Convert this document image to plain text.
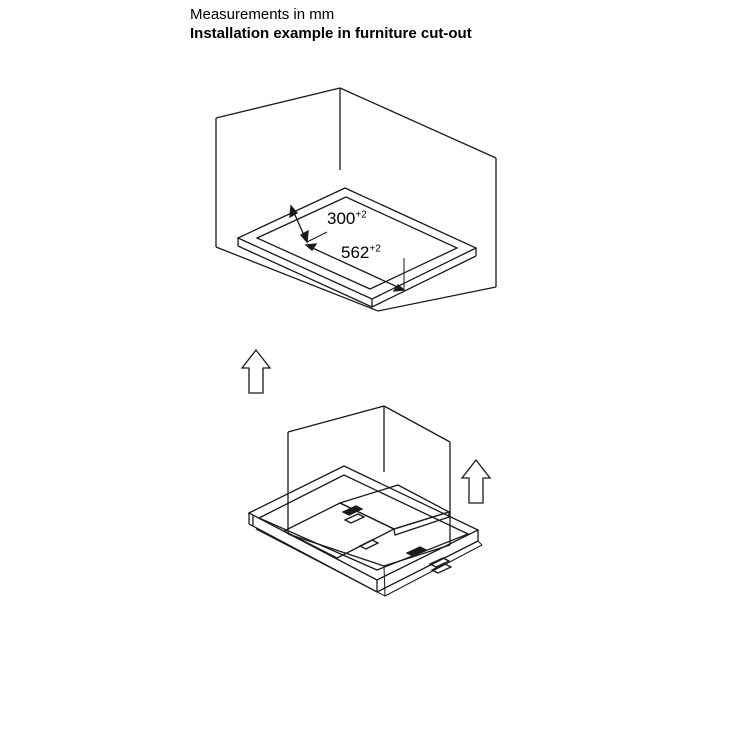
Measurements in mm
Installation example in furniture cut-out
$300^{+2}$
$562^{+2}$
